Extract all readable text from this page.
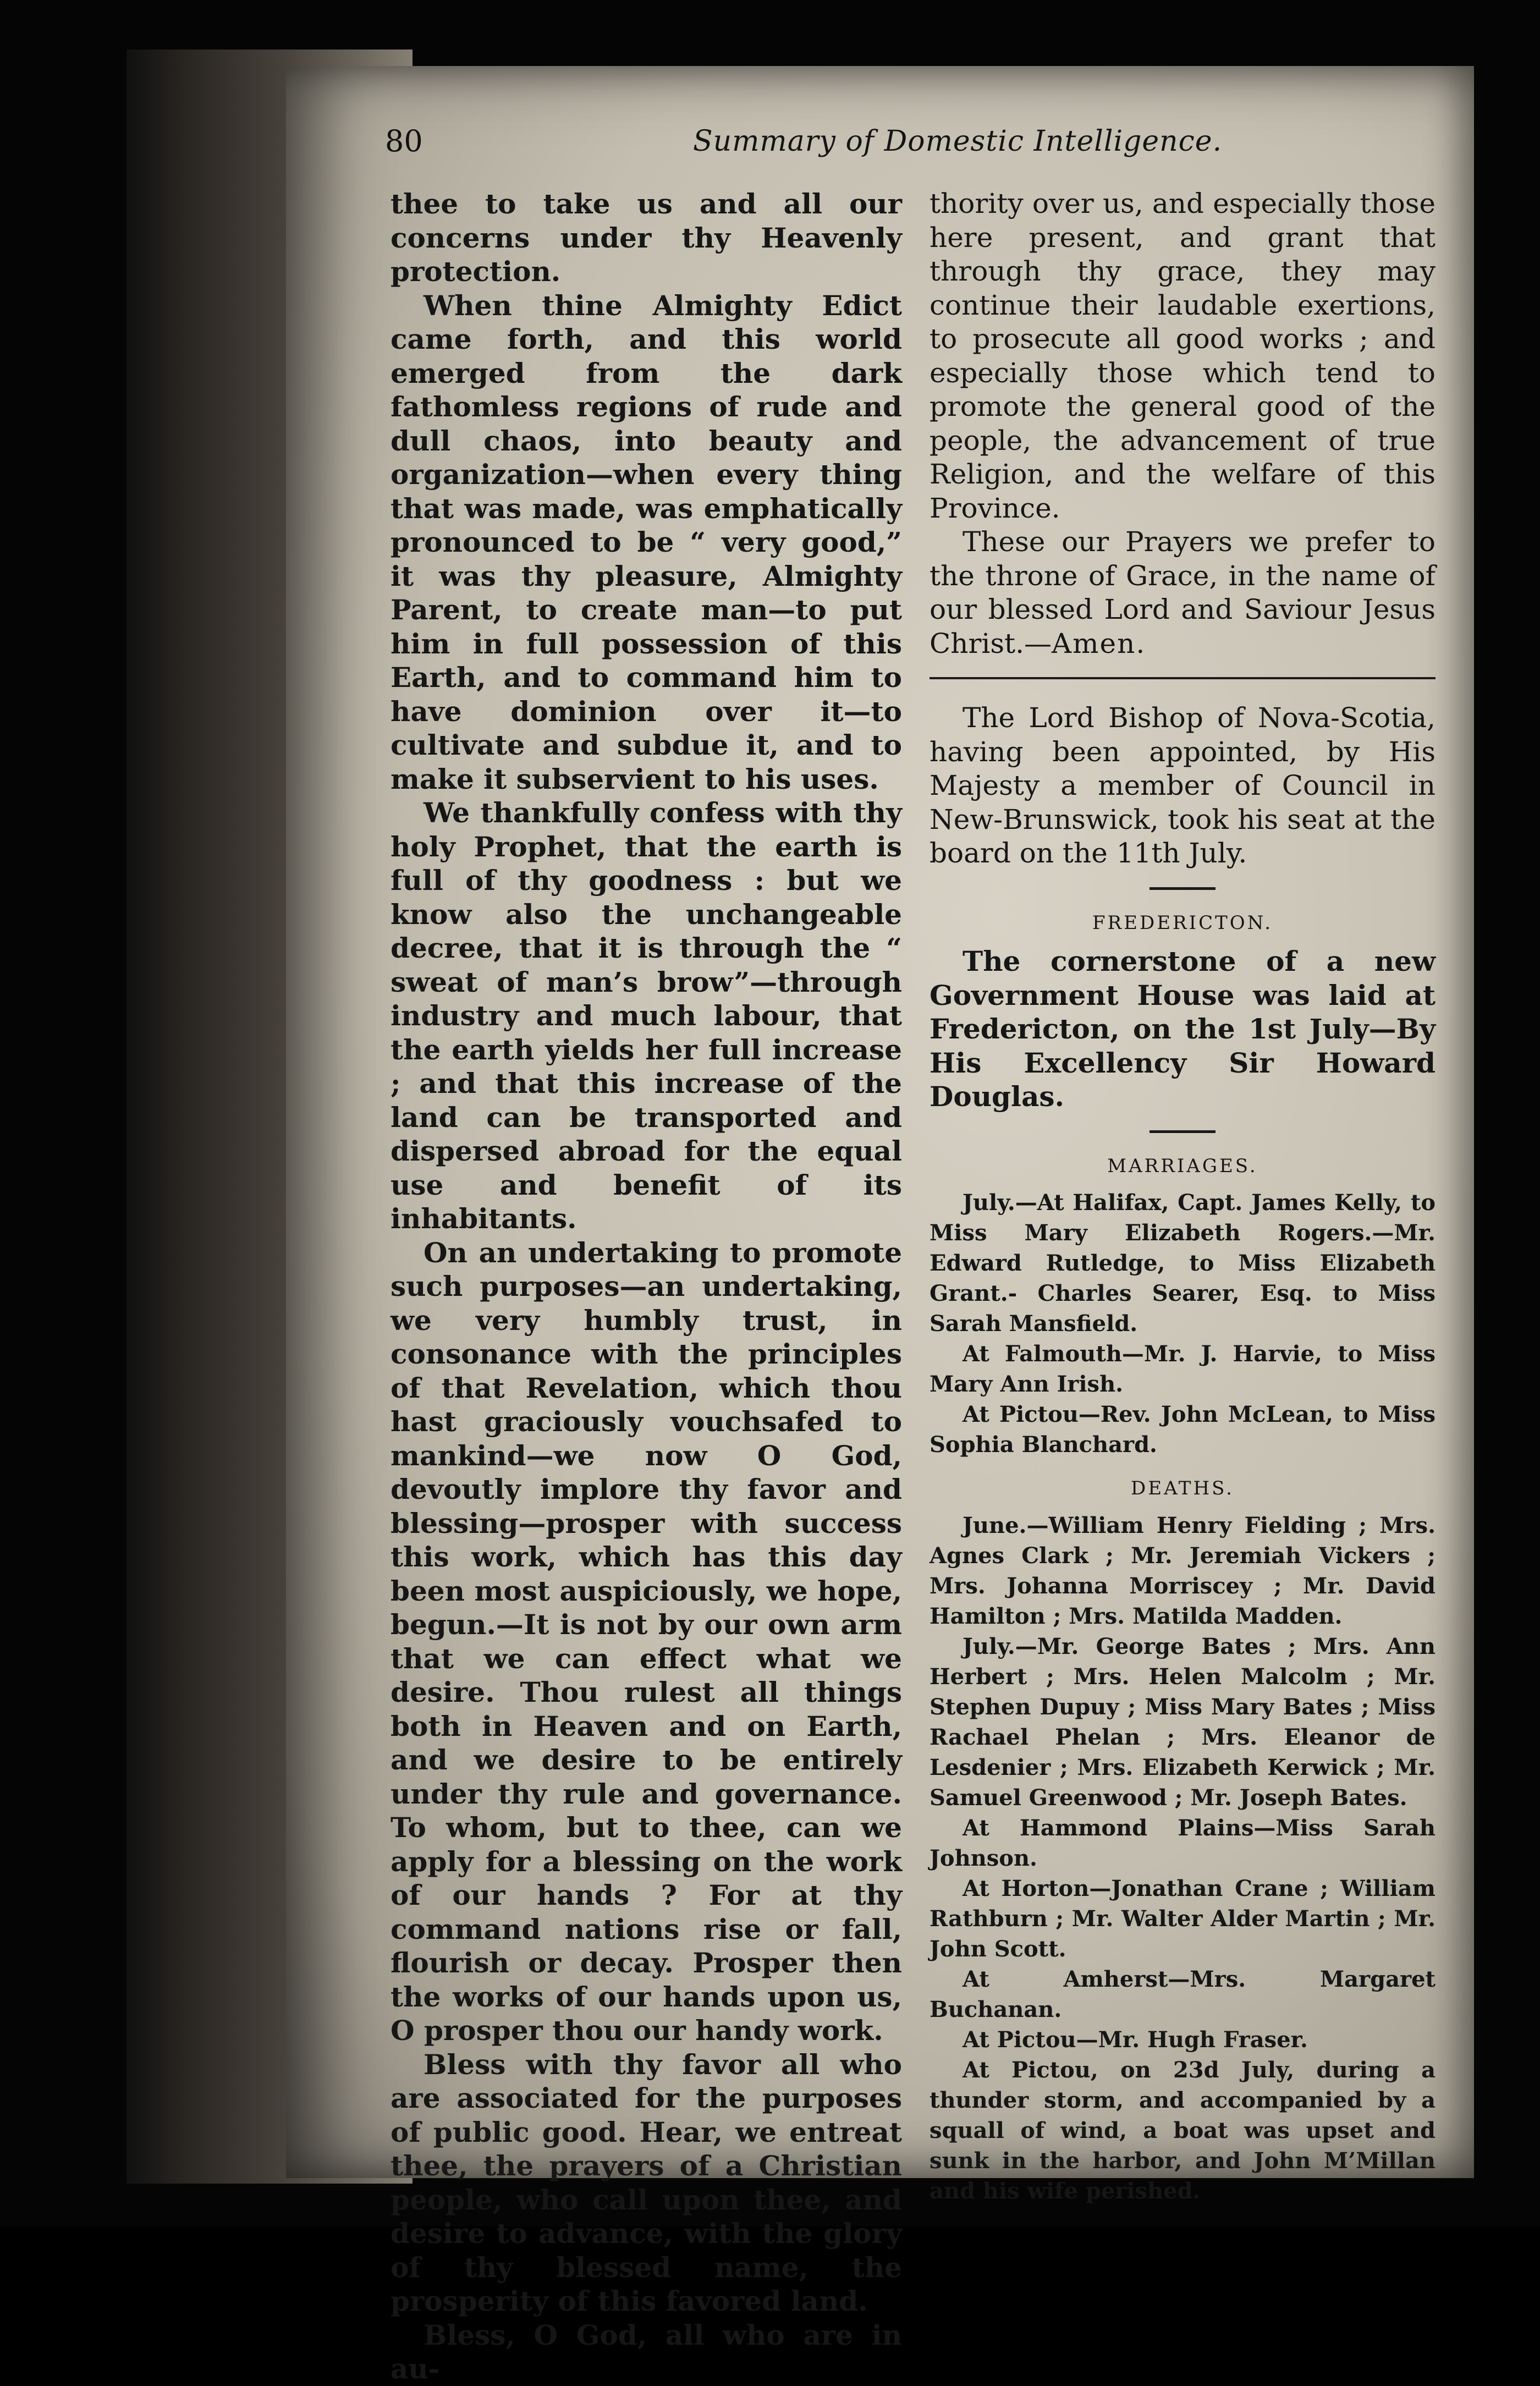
80	Summary of Domestic Intelligence.

thee to take us and all our concerns under thy Heavenly protection.

When thine Almighty Edict came forth, and this world emerged from the dark fathomless regions of rude and dull chaos, into beauty and organization—when every thing that was made, was emphatically pronounced to be “ very good,” it was thy pleasure, Almighty Parent, to create man—to put him in full possession of this Earth, and to command him to have dominion over it—to cultivate and subdue it, and to make it subservient to his uses.

We thankfully confess with thy holy Prophet, that the earth is full of thy goodness : but we know also the unchangeable decree, that it is through the “ sweat of man’s brow”—through industry and much labour, that the earth yields her full increase ; and that this increase of the land can be transported and dispersed abroad for the equal use and benefit of its inhabitants.

On an undertaking to promote such purposes—an undertaking, we very humbly trust, in consonance with the principles of that Revelation, which thou hast graciously vouchsafed to mankind—we now O God, devoutly implore thy favor and blessing—prosper with success this work, which has this day been most auspiciously, we hope, begun.—It is not by our own arm that we can effect what we desire. Thou rulest all things both in Heaven and on Earth, and we desire to be entirely under thy rule and governance. To whom, but to thee, can we apply for a blessing on the work of our hands ? For at thy command nations rise or fall, flourish or decay. Prosper then the works of our hands upon us, O prosper thou our handy work.

Bless with thy favor all who are associated for the purposes of public good. Hear, we entreat thee, the prayers of a Christian people, who call upon thee, and desire to advance, with the glory of thy blessed name, the prosperity of this favored land.

Bless, O God, all who are in au-

thority over us, and especially those here present, and grant that through thy grace, they may continue their laudable exertions, to prosecute all good works ; and especially those which tend to promote the general good of the people, the advancement of true Religion, and the welfare of this Province.

These our Prayers we prefer to the throne of Grace, in the name of our blessed Lord and Saviour Jesus Christ.—Amen.

The Lord Bishop of Nova-Scotia, having been appointed, by His Majesty a member of Council in New-Brunswick, took his seat at the board on the 11th July.

FREDERICTON.

The cornerstone of a new Government House was laid at Fredericton, on the 1st July—By His Excellency Sir Howard Douglas.

MARRIAGES.

July.—At Halifax, Capt. James Kelly, to Miss Mary Elizabeth Rogers.—Mr. Edward Rutledge, to Miss Elizabeth Grant.- Charles Searer, Esq. to Miss Sarah Mansfield.

At Falmouth—Mr. J. Harvie, to Miss Mary Ann Irish.

At Pictou—Rev. John McLean, to Miss Sophia Blanchard.

DEATHS.

June.—William Henry Fielding ; Mrs. Agnes Clark ; Mr. Jeremiah Vickers ; Mrs. Johanna Morriscey ; Mr. David Hamilton ; Mrs. Matilda Madden.

July.—Mr. George Bates ; Mrs. Ann Herbert ; Mrs. Helen Malcolm ; Mr. Stephen Dupuy ; Miss Mary Bates ; Miss Rachael Phelan ; Mrs. Eleanor de Lesdenier ; Mrs. Elizabeth Kerwick ; Mr. Samuel Greenwood ; Mr. Joseph Bates.

At Hammond Plains—Miss Sarah Johnson.

At Horton—Jonathan Crane ; William Rathburn ; Mr. Walter Alder Martin ; Mr. John Scott.

At Amherst—Mrs. Margaret Buchanan.

At Pictou—Mr. Hugh Fraser.

At Pictou, on 23d July, during a thunder storm, and accompanied by a squall of wind, a boat was upset and sunk in the harbor, and John M’Millan and his wife perished.
